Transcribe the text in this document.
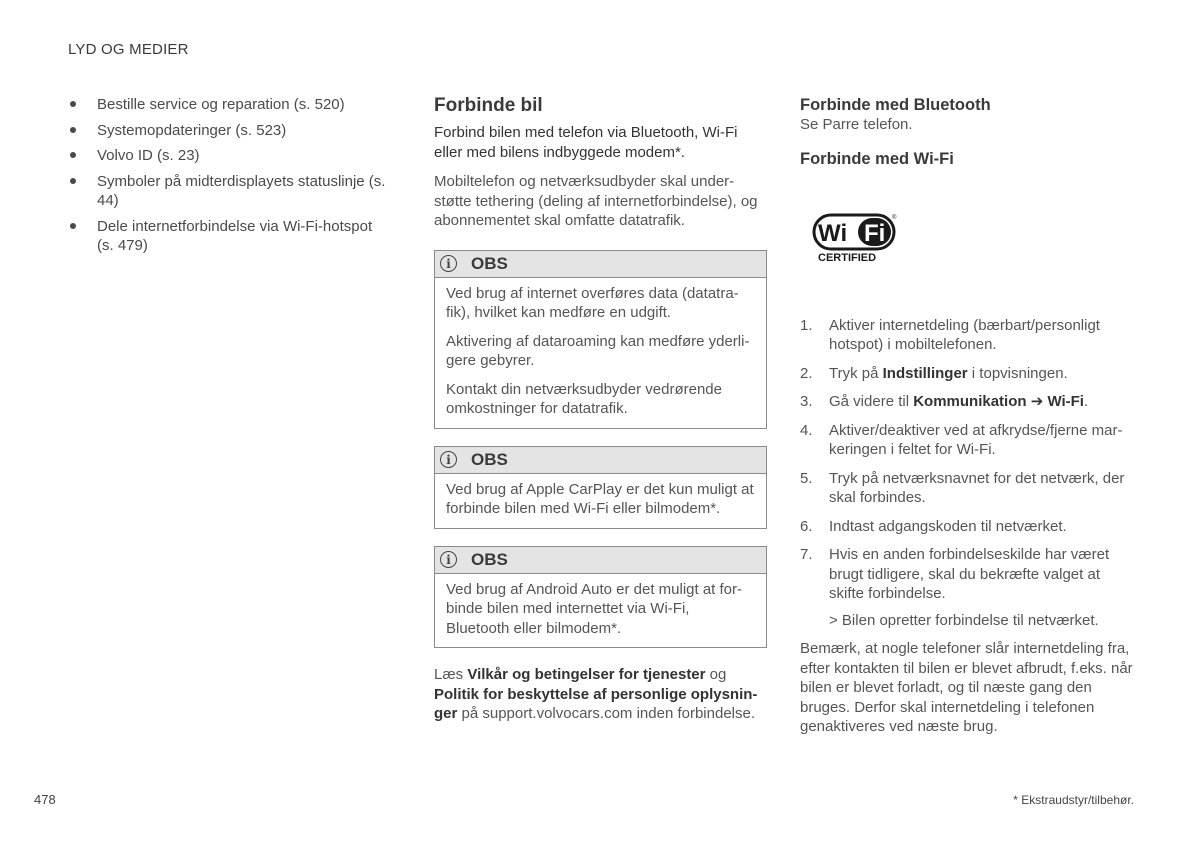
LYD OG MEDIER
Bestille service og reparation (s. 520)
Systemopdateringer (s. 523)
Volvo ID (s. 23)
Symboler på midterdisplayets statuslinje (s. 44)
Dele internetforbindelse via Wi-Fi-hotspot (s. 479)
Forbinde bil

Forbind bilen med telefon via Bluetooth, Wi-Fi eller med bilens indbyggede modem*.

Mobiltelefon og netværksudbyder skal under-støtte tethering (deling af internetforbindelse), og abonnementet skal omfatte datatrafik.

i	OBS

Ved brug af internet overføres data (datatra-fik), hvilket kan medføre en udgift.

Aktivering af dataroaming kan medføre yderli-gere gebyrer.

Kontakt din netværksudbyder vedrørende omkostninger for datatrafik.

i	OBS

Ved brug af Apple CarPlay er det kun muligt at forbinde bilen med Wi-Fi eller bilmodem*.

i	OBS

Ved brug af Android Auto er det muligt at for-binde bilen med internettet via Wi-Fi, Bluetooth eller bilmodem*.

Læs Vilkår og betingelser for tjenester og Politik for beskyttelse af personlige oplysnin-ger på support.volvocars.com inden forbindelse.

Forbinde med Bluetooth

Se Parre telefon.

Forbinde med Wi-Fi
Wi Fi
®
CERTIFIED
1. Aktiver internetdeling (bærbart/personligt hotspot) i mobiltelefonen.
2. Tryk på Indstillinger i topvisningen.
3. Gå videre til Kommunikation ➔ Wi-Fi.
4. Aktiver/deaktiver ved at afkrydse/fjerne mar-keringen i feltet for Wi-Fi.
5. Tryk på netværksnavnet for det netværk, der skal forbindes.
6. Indtast adgangskoden til netværket.
7. Hvis en anden forbindelseskilde har været brugt tidligere, skal du bekræfte valget at skifte forbindelse.

> Bilen opretter forbindelse til netværket.

Bemærk, at nogle telefoner slår internetdeling fra, efter kontakten til bilen er blevet afbrudt, f.eks. når bilen er blevet forladt, og til næste gang den bruges. Derfor skal internetdeling i telefonen genaktiveres ved næste brug.

478	* Ekstraudstyr/tilbehør.
